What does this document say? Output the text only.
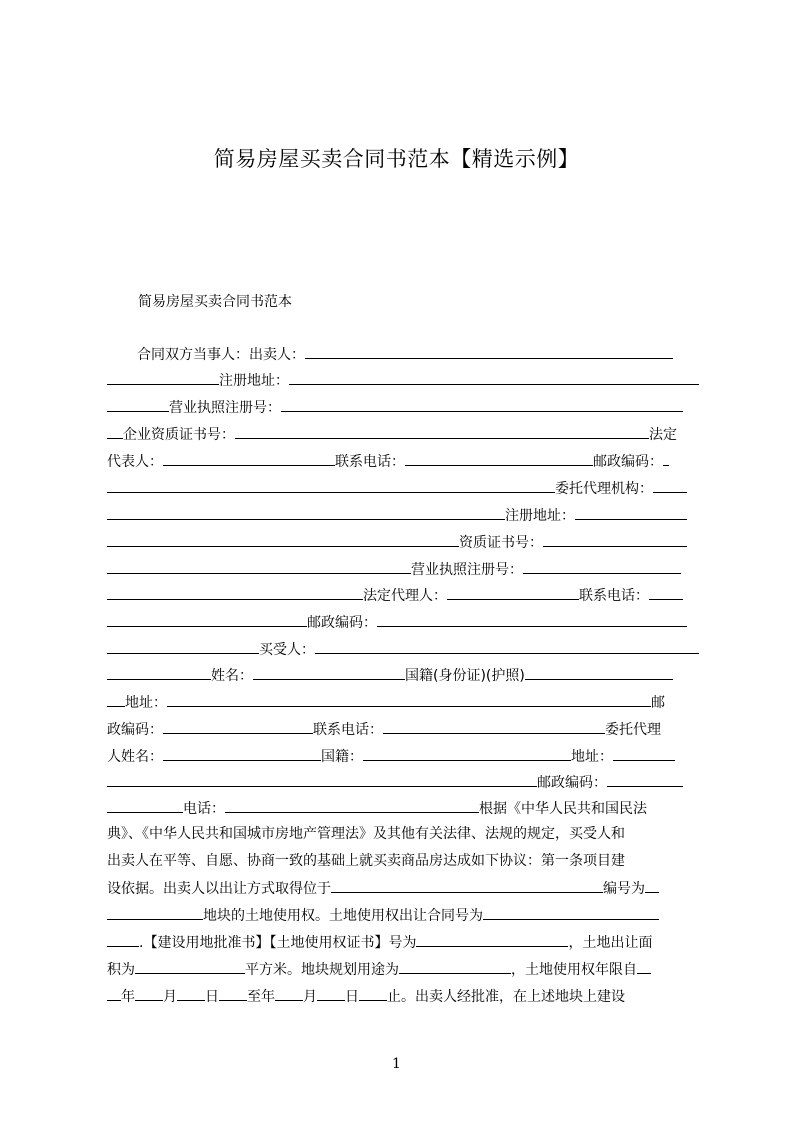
简易房屋买卖合同书范本【精选示例】
简易房屋买卖合同书范本
合同双方当事人：出卖人：
注册地址：
营业执照注册号：
企业资质证书号：	法定
代表人：	联系电话：	邮政编码：
委托代理机构：
注册地址：
资质证书号：
营业执照注册号：
法定代理人：	联系电话：
邮政编码：
买受人：
姓名：	国籍(身份证)(护照)
地址：	邮
政编码：	联系电话：	委托代理
人姓名：	国籍：	地址：
邮政编码：
电话：	根据《中华人民共和国民法
典》、《中华人民共和国城市房地产管理法》及其他有关法律、法规的规定，买受人和
出卖人在平等、自愿、协商一致的基础上就买卖商品房达成如下协议：第一条项目建
设依据。出卖人以出让方式取得位于	编号为
地块的土地使用权。土地使用权出让合同号为
.【建设用地批准书】【土地使用权证书】号为	，土地出让面
积为	平方米。地块规划用途为	，土地使用权年限自
年 月 日 至年 月 日 止。出卖人经批准，在上述地块上建设
1
